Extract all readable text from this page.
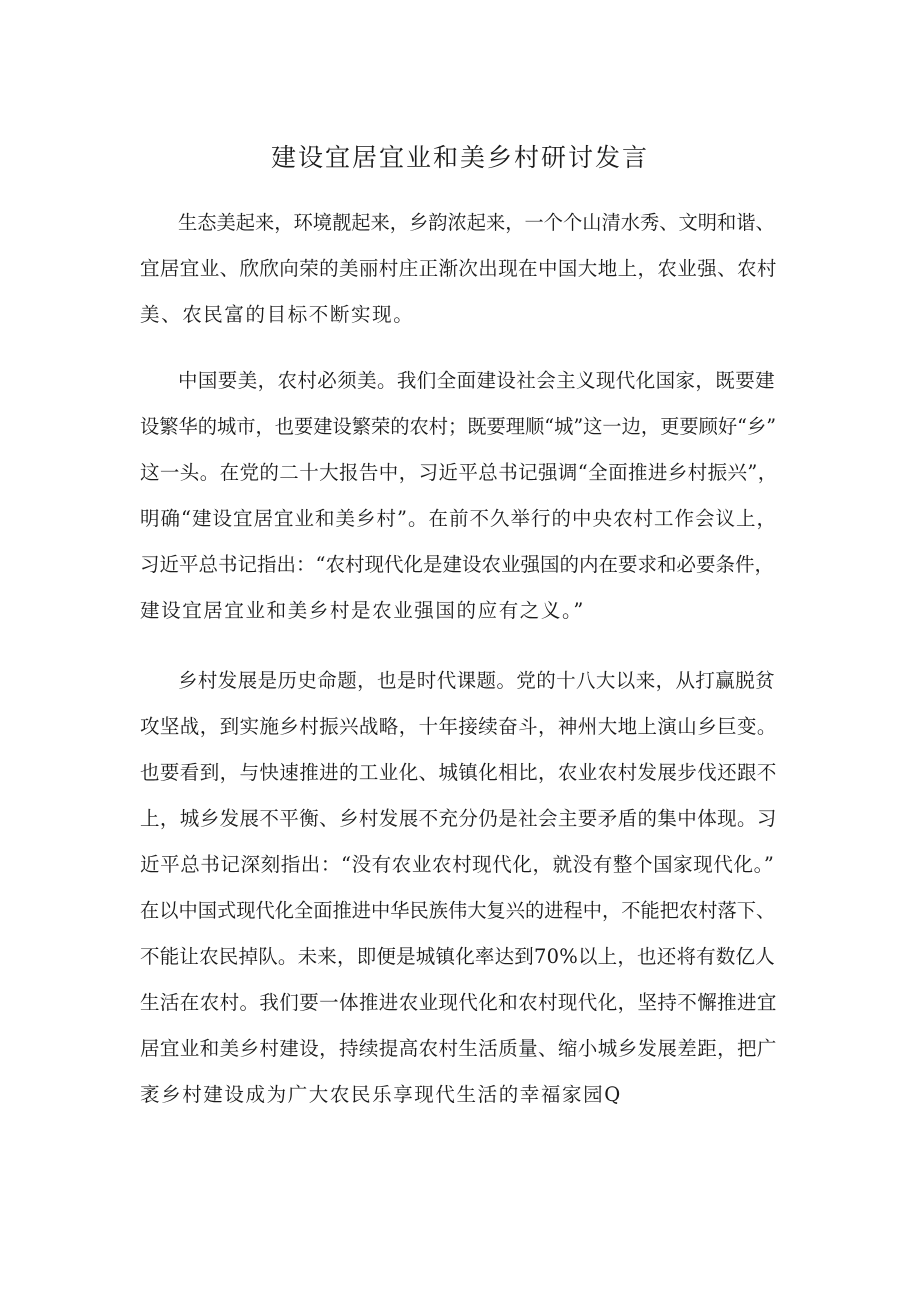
建设宜居宜业和美乡村研讨发言
生态美起来，环境靓起来，乡韵浓起来，一个个山清水秀、文明和谐、
宜居宜业、欣欣向荣的美丽村庄正渐次出现在中国大地上，农业强、农村
美、农民富的目标不断实现。
中国要美，农村必须美。我们全面建设社会主义现代化国家，既要建
设繁华的城市，也要建设繁荣的农村；既要理顺“城”这一边，更要顾好“乡”
这一头。在党的二十大报告中，习近平总书记强调“全面推进乡村振兴”，
明确“建设宜居宜业和美乡村”。在前不久举行的中央农村工作会议上，
习近平总书记指出：“农村现代化是建设农业强国的内在要求和必要条件，
建设宜居宜业和美乡村是农业强国的应有之义。”
乡村发展是历史命题，也是时代课题。党的十八大以来，从打赢脱贫
攻坚战，到实施乡村振兴战略，十年接续奋斗，神州大地上演山乡巨变。
也要看到，与快速推进的工业化、城镇化相比，农业农村发展步伐还跟不
上，城乡发展不平衡、乡村发展不充分仍是社会主要矛盾的集中体现。习
近平总书记深刻指出：“没有农业农村现代化，就没有整个国家现代化。”
在以中国式现代化全面推进中华民族伟大复兴的进程中，不能把农村落下、
不能让农民掉队。未来，即便是城镇化率达到70%以上，也还将有数亿人
生活在农村。我们要一体推进农业现代化和农村现代化，坚持不懈推进宜
居宜业和美乡村建设，持续提高农村生活质量、缩小城乡发展差距，把广
袤乡村建设成为广大农民乐享现代生活的幸福家园Q
